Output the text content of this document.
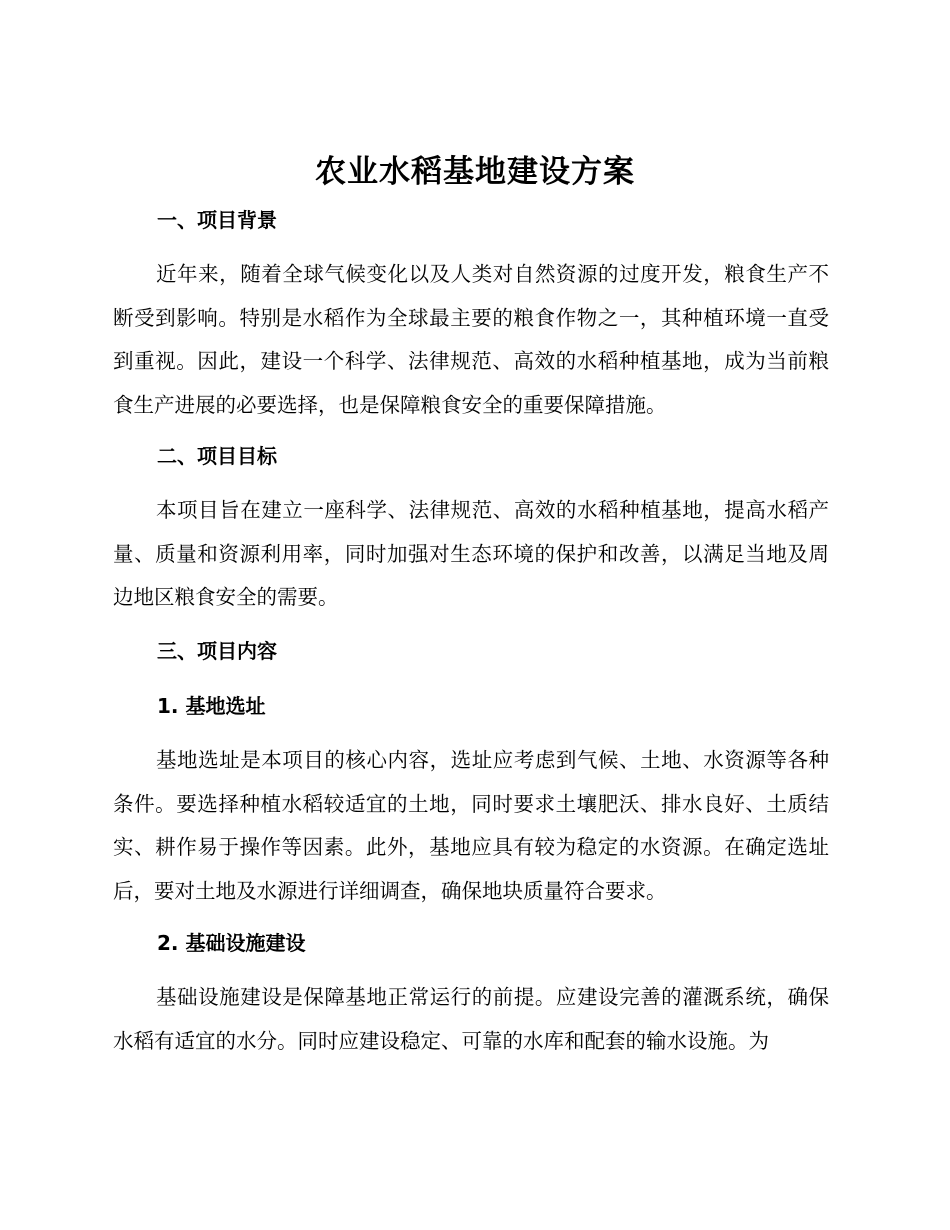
农业水稻基地建设方案
一、项目背景
近年来，随着全球气候变化以及人类对自然资源的过度开发，粮食生产不断受到影响。特别是水稻作为全球最主要的粮食作物之一，其种植环境一直受到重视。因此，建设一个科学、法律规范、高效的水稻种植基地，成为当前粮食生产进展的必要选择，也是保障粮食安全的重要保障措施。
二、项目目标
本项目旨在建立一座科学、法律规范、高效的水稻种植基地，提高水稻产量、质量和资源利用率，同时加强对生态环境的保护和改善，以满足当地及周边地区粮食安全的需要。
三、项目内容
1. 基地选址
基地选址是本项目的核心内容，选址应考虑到气候、土地、水资源等各种条件。要选择种植水稻较适宜的土地，同时要求土壤肥沃、排水良好、土质结实、耕作易于操作等因素。此外，基地应具有较为稳定的水资源。在确定选址后，要对土地及水源进行详细调查，确保地块质量符合要求。
2. 基础设施建设
基础设施建设是保障基地正常运行的前提。应建设完善的灌溉系统，确保水稻有适宜的水分。同时应建设稳定、可靠的水库和配套的输水设施。为
